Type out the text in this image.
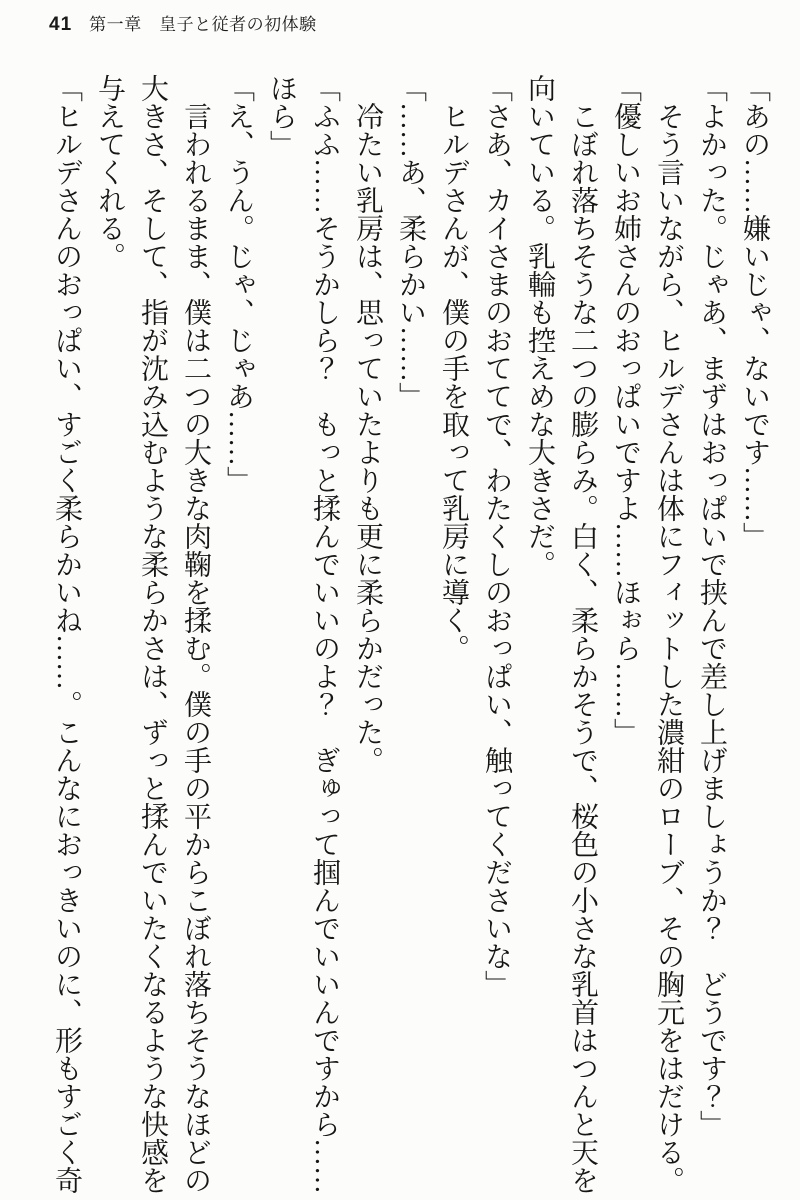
41 第一章　皇子と従者の初体験

「あの……嫌いじゃ、ないです……」

「よかった。じゃあ、まずはおっぱいで挟んで差し上げましょうか？　どうです？」

そう言いながら、ヒルデさんは体にフィットした濃紺のローブ、その胸元をはだける。

「優しいお姉さんのおっぱいですよ……ほぉら……」

こぼれ落ちそうな二つの膨らみ。白く、柔らかそうで、桜色の小さな乳首はつんと天を向いている。乳輪も控えめな大きさだ。

「さあ、カイさまのおててで、わたくしのおっぱい、触ってくださいな」

ヒルデさんが、僕の手を取って乳房に導く。

「……あ、柔らかい……」

冷たい乳房は、思っていたよりも更に柔らかだった。

「ふふ……そうかしら？　もっと揉んでいいのよ？　ぎゅって掴んでいいんですから……ほら」

「え、うん。じゃ、じゃあ……」

言われるまま、僕は二つの大きな肉鞠を揉む。僕の手の平からこぼれ落ちそうなほどの大きさ、そして、指が沈み込むような柔らかさは、ずっと揉んでいたくなるような快感を与えてくれる。

「ヒルデさんのおっぱい、すごく柔らかいね……。こんなにおっきいのに、形もすごく奇
